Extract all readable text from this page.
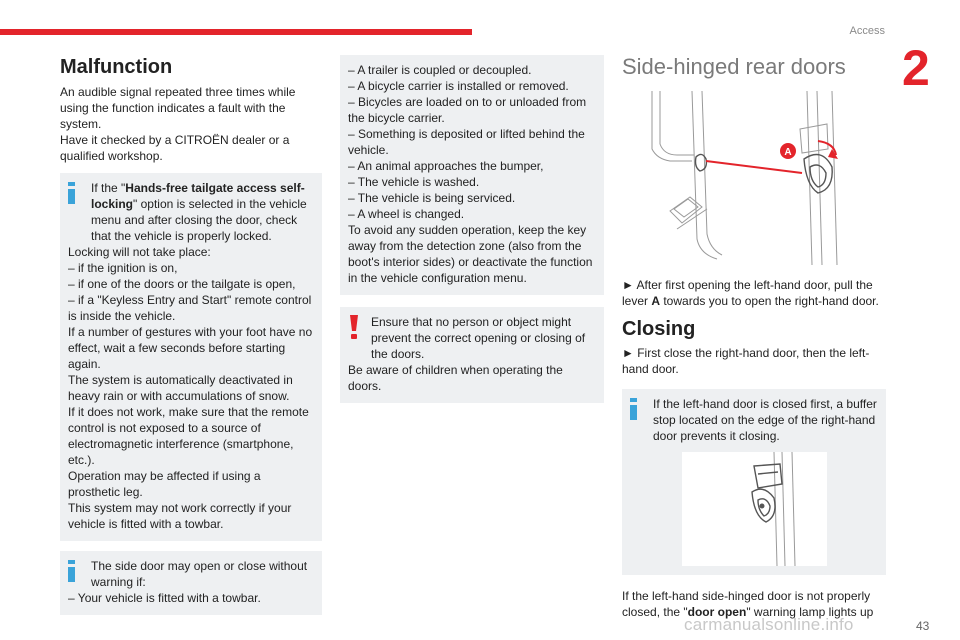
Access
2
Malfunction

An audible signal repeated three times while using the function indicates a fault with the system.

Have it checked by a CITROËN dealer or a qualified workshop.

If the "Hands-free tailgate access self-locking" option is selected in the vehicle menu and after closing the door, check that the vehicle is properly locked.

Locking will not take place:

– if the ignition is on,

– if one of the doors or the tailgate is open,

– if a "Keyless Entry and Start" remote control is inside the vehicle.

If a number of gestures with your foot have no effect, wait a few seconds before starting again.

The system is automatically deactivated in heavy rain or with accumulations of snow.

If it does not work, make sure that the remote control is not exposed to a source of electromagnetic interference (smartphone, etc.).

Operation may be affected if using a prosthetic leg.

This system may not work correctly if your vehicle is fitted with a towbar.

The side door may open or close without warning if:

– Your vehicle is fitted with a towbar.

– A trailer is coupled or decoupled.

– A bicycle carrier is installed or removed.

– Bicycles are loaded on to or unloaded from the bicycle carrier.

– Something is deposited or lifted behind the vehicle.

– An animal approaches the bumper,

– The vehicle is washed.

– The vehicle is being serviced.

– A wheel is changed.

To avoid any sudden operation, keep the key away from the detection zone (also from the boot's interior sides) or deactivate the function in the vehicle configuration menu.

Ensure that no person or object might prevent the correct opening or closing of the doors.

Be aware of children when operating the doors.

Side-hinged rear doors
A

► After first opening the left-hand door, pull the lever A towards you to open the right-hand door.

Closing

► First close the right-hand door, then the left-hand door.

If the left-hand door is closed first, a buffer stop located on the edge of the right-hand door prevents it closing.

If the left-hand side-hinged door is not properly closed, the "door open" warning lamp lights up

carmanualsonline.info	43
